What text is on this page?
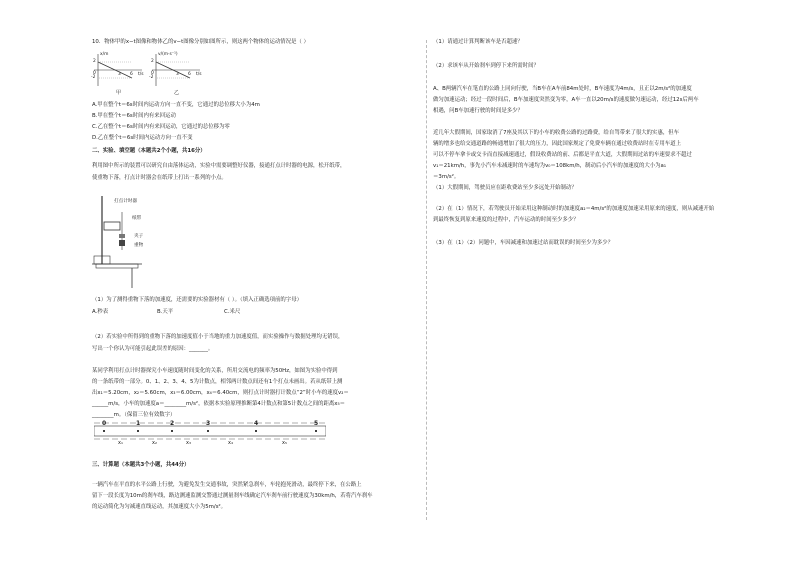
10．物体甲的x−t图像和物体乙的v−t图像分别如图所示，则这两个物体的运动情况是（ ）
x/m
2
-2
0	3 6 t/s
甲
v/(m·s⁻¹)
2
-2
0	3 6 t/s
乙
A.甲在整个t＝6s时间内运动方向一直不变，它通过的总位移大小为4m
B.甲在整个t＝6s时间内有来回运动
C.乙在整个t＝6s时间内有来回运动，它通过的总位移为零
D.乙在整个t＝6s时间内运动方向一直不变
二、实验、填空题（本题共2个小题，共16分）
利用图中所示的装置可以研究自由落体运动，实验中需要调整好仪器，接通打点计时器的电源，松开纸带，
使重物下落，打点计时器会在纸带上打出一系列的小点。
打点计时器
纸带
夹子
重物
（1）为了测得重物下落的加速度，还需要的实验器材有（ ）。（填入正确选项前的字母）
A.秒表	B.天平	C.米尺
（2）若实验中所得到的重物下落的加速度值小于当地的重力加速度值，而实验操作与数据处理均无错误，
写出一个你认为可能引起此误差的原因：_______。
某同学利用打点计时器探究小车速度随时间变化的关系，所用交流电的频率为50Hz，如图为实验中得到
的一条纸带的一部分。0、1、2、3、4、5为计数点，相邻两计数点间还有1个打点未画出。若从纸带上测
出x₁＝5.20cm，x₂＝5.60cm，x₃＝6.00cm，x₄＝6.40cm，则打点计时器打计数点“2”时小车的速度v₂＝
______m/s，小车的加速度a＝________m/s²，依据本实验原理推断第4计数点和第5计数点之间的距离x₅＝
________m。（保留三位有效数字）
0	1	2	3	4	5
x₁	x₂	x₃	x₄	x₅
三、计算题（本题共3个小题，共44分）
一辆汽车在平直的水平公路上行驶，为避免发生交通事故，突然紧急刹车，车轮抱死滑动，最终停下来，在公路上
留下一段长度为10m的刹车线，路边测速监测交警通过测量刹车线确定汽车刹车前行驶速度为30km/h，若将汽车刹车
的运动简化为匀减速直线运动，其加速度大小为5m/s²。
（1）请通过计算判断该车是否超速？
（2）求该车从开始刹车到停下来所需时间？
A、B两辆汽车在笔直的公路上同向行驶，当B车在A车前84m处时，B车速度为4m/s，且正以2m/s²的加速度
做匀加速运动；经过一段时间后，B车加速度突然变为零，A车一直以20m/s的速度做匀速运动，经过12s后两车
相遇，问B车加速行驶的时间是多少？
近几年大假期间，国家取消了7座及其以下的小车的收费公路的过路费，给自驾带来了很大的实惠，但车
辆的增多也给交通道路的畅通增加了很大的压力，因此国家规定了免费车辆在通过收费站时在专用车道上
可以不停车拿卡或交卡而直接减速通过，假设收费站的前、后都是平直大道，大假期间过站的车速要求不超过
v₁＝21km/h，事先小汽车未减速时的车速均为v₀＝108km/h，制动后小汽车的加速度的大小为a₁
＝3m/s²。
（1）大假期间，驾驶员应在距收费站至少多远处开始制动？
（2）在（1）情况下，若驾驶员开始采用这种制动时的加速度a₂＝4m/s²的加速度加速采用原来的速度，则从减速开始
到最终恢复到原来速度的过程中，汽车运动的时间至少多少？
（3）在（1）（2）问题中，车因减速和加速过站而耽误的时间至少为多少？
